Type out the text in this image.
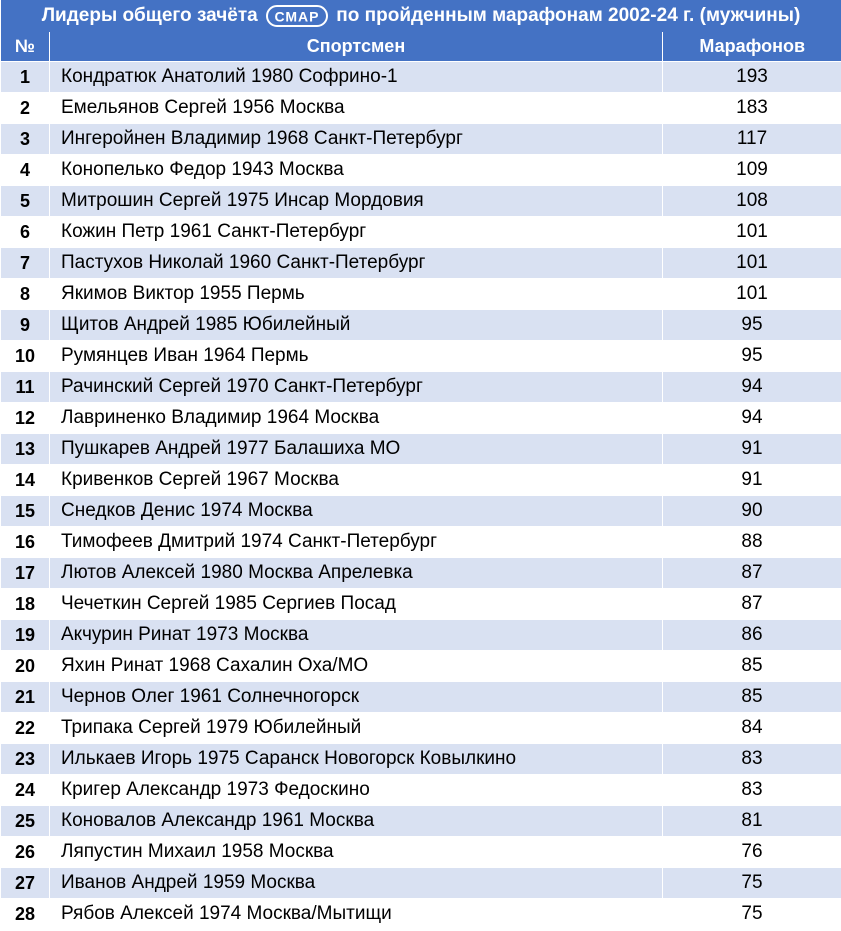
Лидеры общего зачёта СМАР по пройденным марафонам 2002-24 г. (мужчины)		
№	Спортсмен	Марафонов
1	Кондратюк Анатолий 1980 Софрино-1	193
2	Емельянов Сергей 1956 Москва	183
3	Ингеройнен Владимир 1968 Санкт-Петербург	117
4	Конопелько Федор 1943 Москва	109
5	Митрошин Сергей 1975 Инсар Мордовия	108
6	Кожин Петр 1961 Санкт-Петербург	101
7	Пастухов Николай 1960 Санкт-Петербург	101
8	Якимов Виктор 1955 Пермь	101
9	Щитов Андрей 1985 Юбилейный	95
10	Румянцев Иван 1964 Пермь	95
11	Рачинский Сергей 1970 Санкт-Петербург	94
12	Лавриненко Владимир 1964 Москва	94
13	Пушкарев Андрей 1977 Балашиха МО	91
14	Кривенков Сергей 1967 Москва	91
15	Снедков Денис 1974 Москва	90
16	Тимофеев Дмитрий 1974 Санкт-Петербург	88
17	Лютов Алексей 1980 Москва Апрелевка	87
18	Чечеткин Сергей 1985 Сергиев Посад	87
19	Акчурин Ринат 1973 Москва	86
20	Яхин Ринат 1968 Сахалин Оха/МО	85
21	Чернов Олег 1961 Солнечногорск	85
22	Трипака Сергей 1979 Юбилейный	84
23	Илькаев Игорь 1975 Саранск Новогорск Ковылкино	83
24	Кригер Александр 1973 Федоскино	83
25	Коновалов Александр 1961 Москва	81
26	Ляпустин Михаил 1958 Москва	76
27	Иванов Андрей 1959 Москва	75
28	Рябов Алексей 1974 Москва/Мытищи	75
